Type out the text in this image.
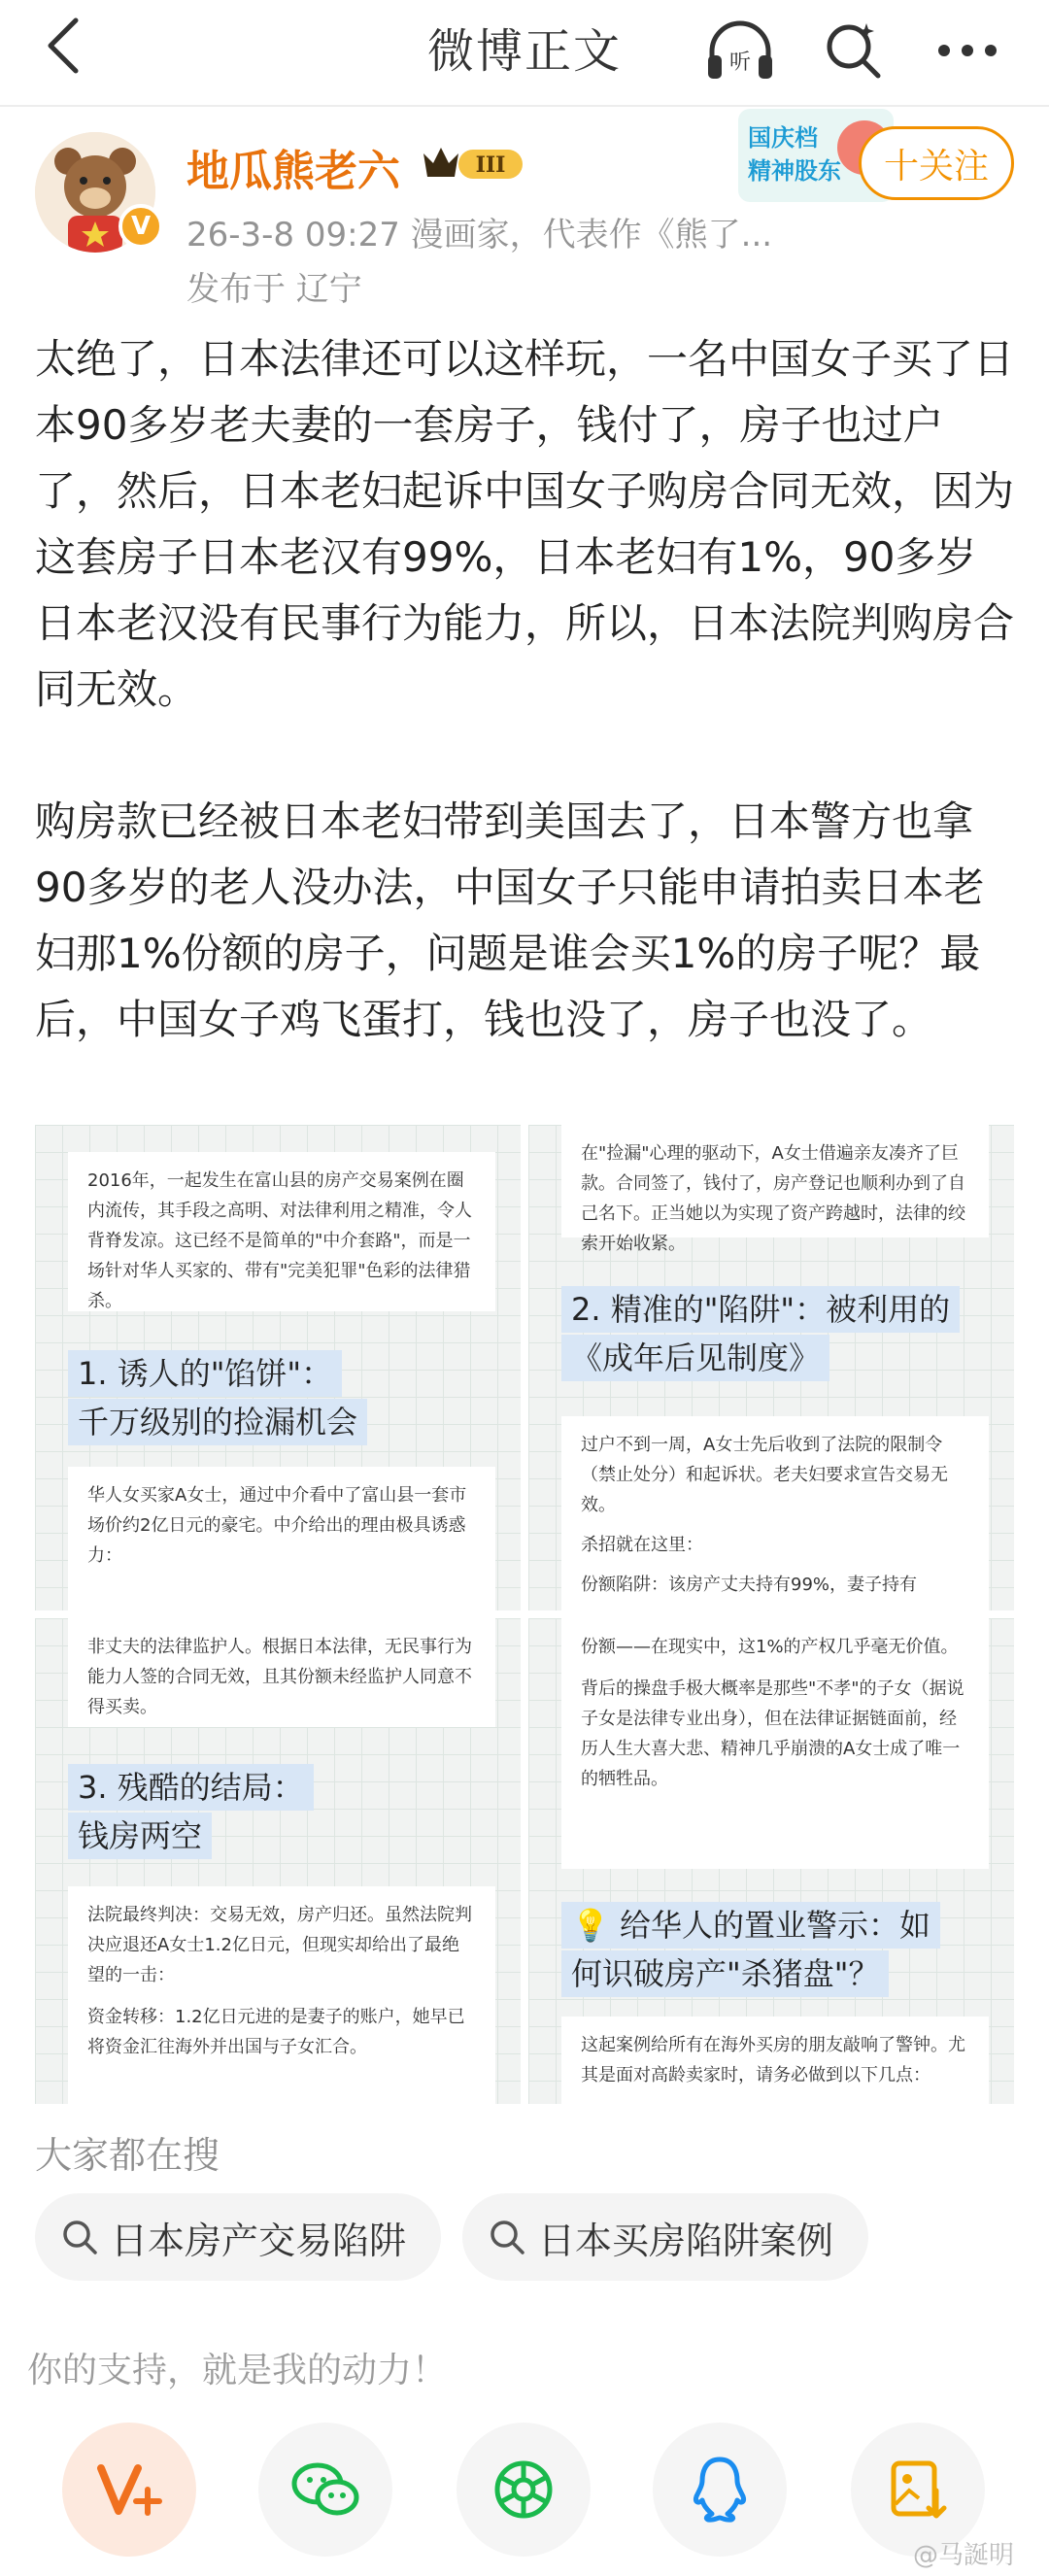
微博正文	听
V
地瓜熊老六	III
26-3-8 09:27 漫画家，代表作《熊了...
发布于 辽宁
国庆档
精神股东	十关注

太绝了，日本法律还可以这样玩，一名中国女子买了日本90多岁老夫妻的一套房子，钱付了，房子也过户了，然后，日本老妇起诉中国女子购房合同无效，因为这套房子日本老汉有99%，日本老妇有1%，90多岁日本老汉没有民事行为能力，所以，日本法院判购房合同无效。

购房款已经被日本老妇带到美国去了，日本警方也拿90多岁的老人没办法，中国女子只能申请拍卖日本老妇那1%份额的房子，问题是谁会买1%的房子呢？最后，中国女子鸡飞蛋打，钱也没了，房子也没了。

2016年，一起发生在富山县的房产交易案例在圈内流传，其手段之高明、对法律利用之精准，令人背脊发凉。这已经不是简单的"中介套路"，而是一场针对华人买家的、带有"完美犯罪"色彩的法律猎杀。
1. 诱人的"馅饼"：
千万级别的捡漏机会
华人女买家A女士，通过中介看中了富山县一套市场价约2亿日元的豪宅。中介给出的理由极具诱惑力：
在"捡漏"心理的驱动下，A女士借遍亲友凑齐了巨款。合同签了，钱付了，房产登记也顺利办到了自己名下。正当她以为实现了资产跨越时，法律的绞索开始收紧。
2. 精准的"陷阱"：被利用的
《成年后见制度》
过户不到一周，A女士先后收到了法院的限制令（禁止处分）和起诉状。老夫妇要求宣告交易无效。
杀招就在这里：
份额陷阱：该房产丈夫持有99%，妻子持有
非丈夫的法律监护人。根据日本法律，无民事行为能力人签的合同无效，且其份额未经监护人同意不得买卖。
3. 残酷的结局：
钱房两空
法院最终判决：交易无效，房产归还。虽然法院判决应退还A女士1.2亿日元，但现实却给出了最绝望的一击：
资金转移：1.2亿日元进的是妻子的账户，她早已将资金汇往海外并出国与子女汇合。
份额——在现实中，这1%的产权几乎毫无价值。
背后的操盘手极大概率是那些"不孝"的子女（据说子女是法律专业出身），但在法律证据链面前，经历人生大喜大悲、精神几乎崩溃的A女士成了唯一的牺牲品。
💡 给华人的置业警示：如
何识破房产"杀猪盘"？
这起案例给所有在海外买房的朋友敲响了警钟。尤其是面对高龄卖家时，请务必做到以下几点：
大家都在搜
日本房产交易陷阱	日本买房陷阱案例
你的支持，就是我的动力！
@马誕明
